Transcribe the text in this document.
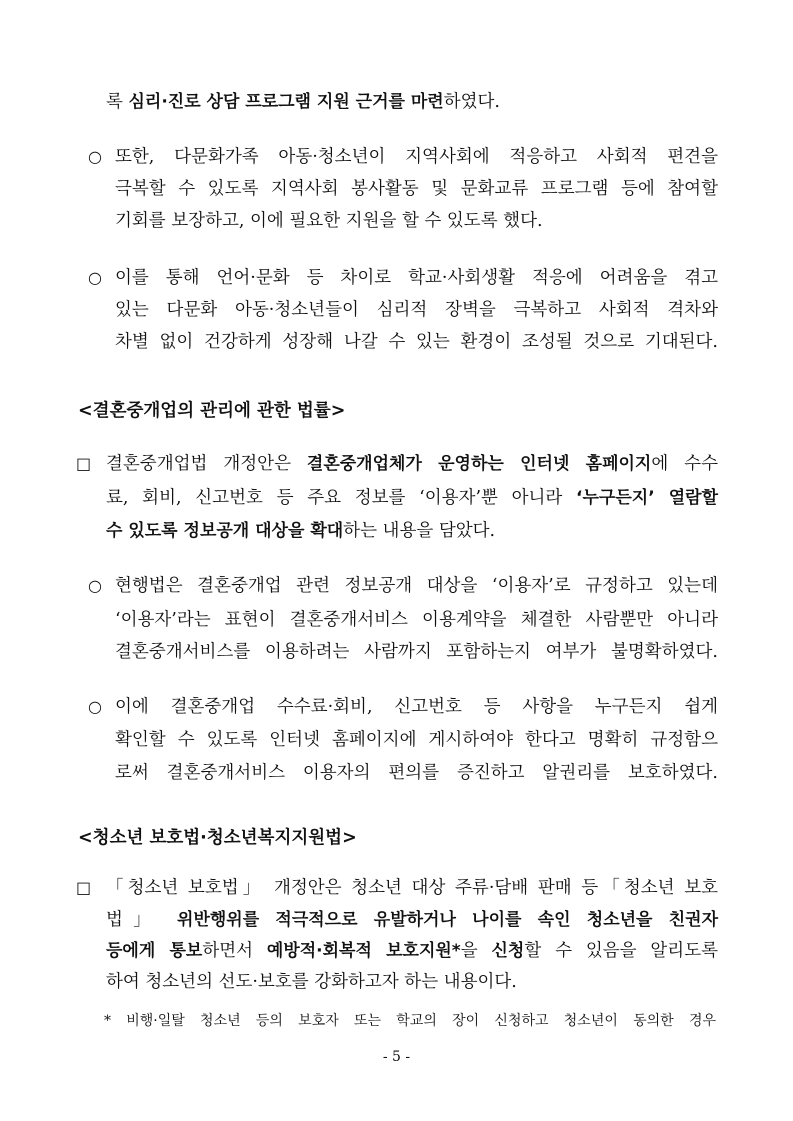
록 심리·진로 상담 프로그램 지원 근거를 마련하였다.
○ 또한, 다문화가족 아동·청소년이 지역사회에 적응하고 사회적 편견을
극복할 수 있도록 지역사회 봉사활동 및 문화교류 프로그램 등에 참여할
기회를 보장하고, 이에 필요한 지원을 할 수 있도록 했다.
○ 이를 통해 언어·문화 등 차이로 학교·사회생활 적응에 어려움을 겪고
있는 다문화 아동·청소년들이 심리적 장벽을 극복하고 사회적 격차와
차별 없이 건강하게 성장해 나갈 수 있는 환경이 조성될 것으로 기대된다.
<결혼중개업의 관리에 관한 법률>
□ 결혼중개업법 개정안은 결혼중개업체가 운영하는 인터넷 홈페이지에 수수
료, 회비, 신고번호 등 주요 정보를 ‘이용자’뿐 아니라 ‘누구든지’ 열람할
수 있도록 정보공개 대상을 확대하는 내용을 담았다.
○ 현행법은 결혼중개업 관련 정보공개 대상을 ‘이용자’로 규정하고 있는데
‘이용자’라는 표현이 결혼중개서비스 이용계약을 체결한 사람뿐만 아니라
결혼중개서비스를 이용하려는 사람까지 포함하는지 여부가 불명확하였다.
○ 이에 결혼중개업 수수료·회비, 신고번호 등 사항을 누구든지 쉽게
확인할 수 있도록 인터넷 홈페이지에 게시하여야 한다고 명확히 규정함으
로써 결혼중개서비스 이용자의 편의를 증진하고 알권리를 보호하였다.
<청소년 보호법·청소년복지지원법>
□ 「청소년 보호법」 개정안은 청소년 대상 주류·담배 판매 등「청소년 보호
법」 위반행위를 적극적으로 유발하거나 나이를 속인 청소년을 친권자
등에게 통보하면서 예방적·회복적 보호지원*을 신청할 수 있음을 알리도록
하여 청소년의 선도·보호를 강화하고자 하는 내용이다.
* 비행·일탈 청소년 등의 보호자 또는 학교의 장이 신청하고 청소년이 동의한 경우
- 5 -
